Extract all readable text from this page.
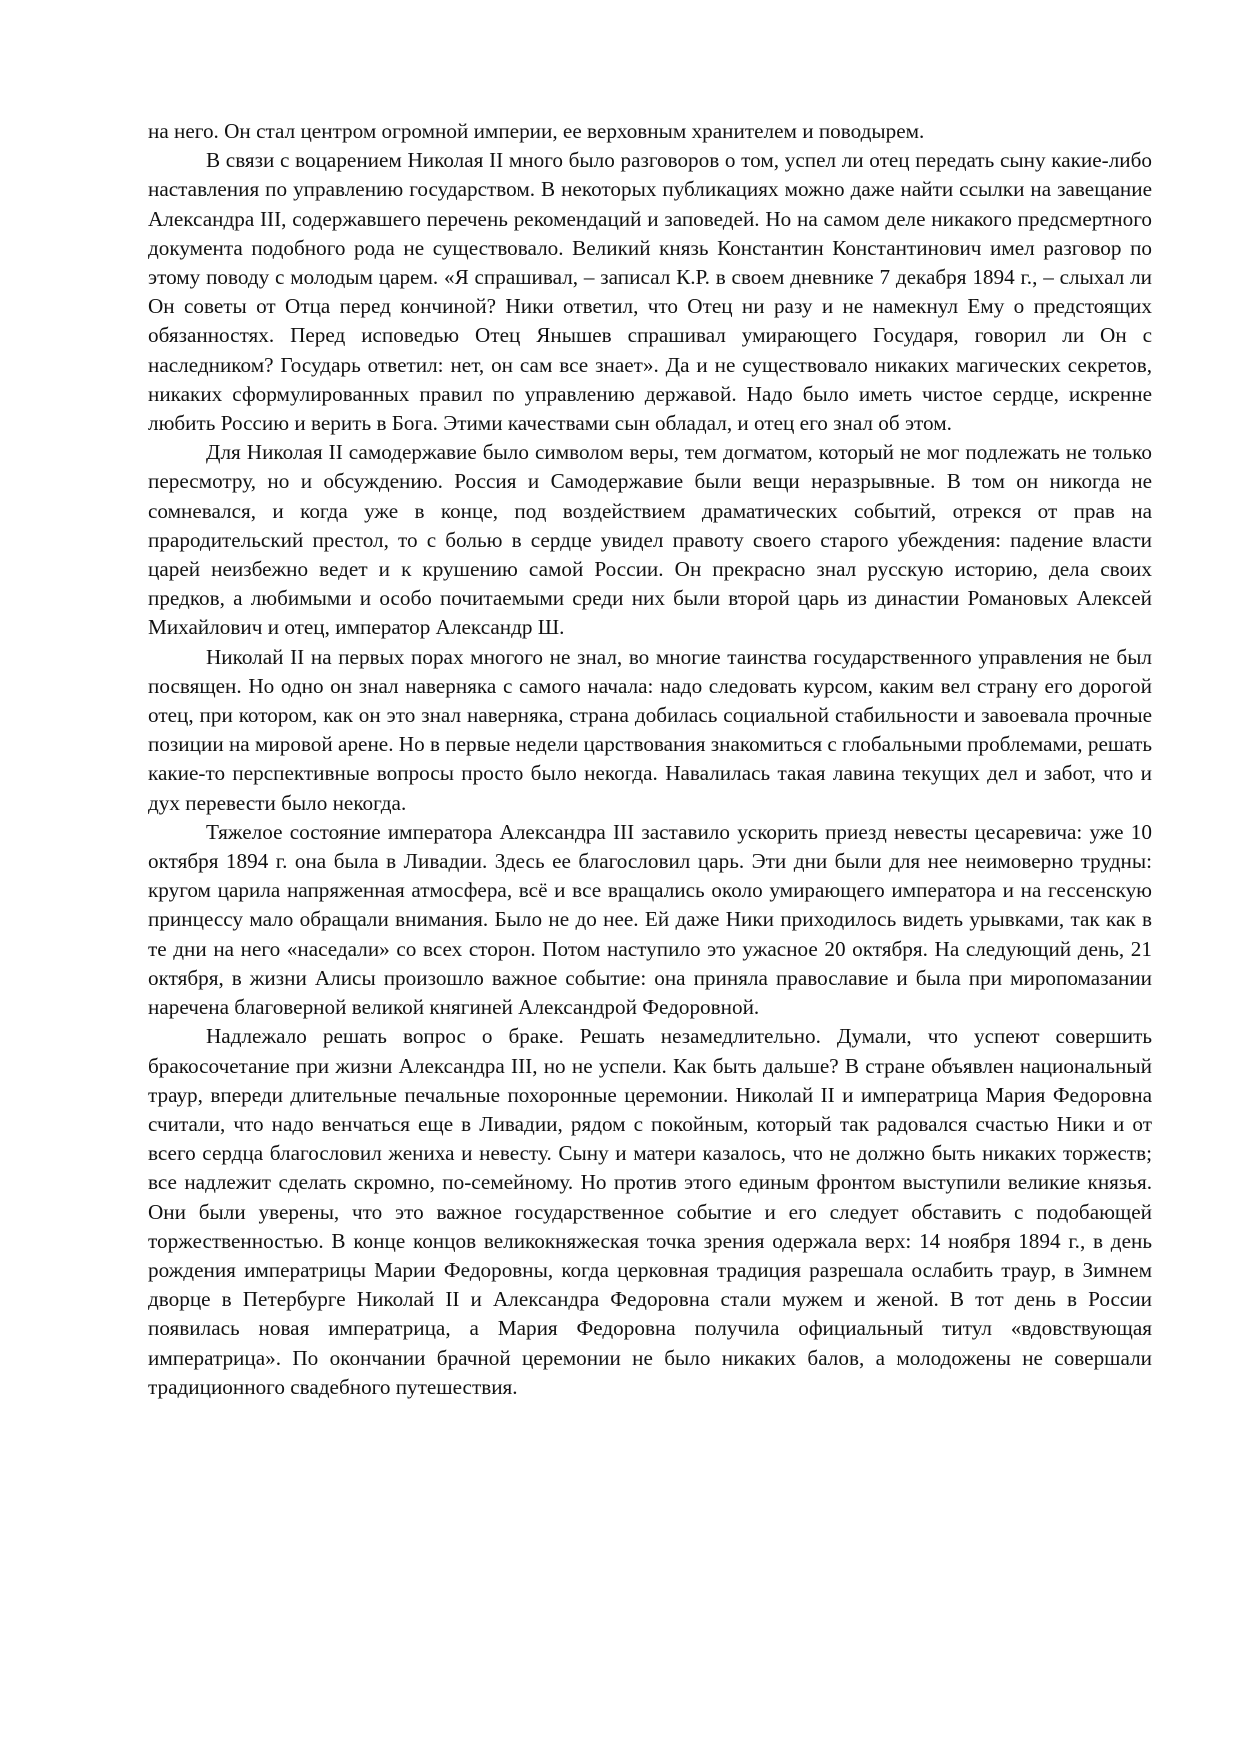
на него. Он стал центром огромной империи, ее верховным хранителем и поводырем.

В связи с воцарением Николая II много было разговоров о том, успел ли отец передать сыну какие-либо наставления по управлению государством. В некоторых публикациях можно даже найти ссылки на завещание Александра III, содержавшего перечень рекомендаций и заповедей. Но на самом деле никакого предсмертного документа подобного рода не существовало. Великий князь Константин Константинович имел разговор по этому поводу с молодым царем. «Я спрашивал, – записал К.Р. в своем дневнике 7 декабря 1894 г., – слыхал ли Он советы от Отца перед кончиной? Ники ответил, что Отец ни разу и не намекнул Ему о предстоящих обязанностях. Перед исповедью Отец Янышев спрашивал умирающего Государя, говорил ли Он с наследником? Государь ответил: нет, он сам все знает». Да и не существовало никаких магических секретов, никаких сформулированных правил по управлению державой. Надо было иметь чистое сердце, искренне любить Россию и верить в Бога. Этими качествами сын обладал, и отец его знал об этом.

Для Николая II самодержавие было символом веры, тем догматом, который не мог подлежать не только пересмотру, но и обсуждению. Россия и Самодержавие были вещи неразрывные. В том он никогда не сомневался, и когда уже в конце, под воздействием драматических событий, отрекся от прав на прародительский престол, то с болью в сердце увидел правоту своего старого убеждения: падение власти царей неизбежно ведет и к крушению самой России. Он прекрасно знал русскую историю, дела своих предков, а любимыми и особо почитаемыми среди них были второй царь из династии Романовых Алексей Михайлович и отец, император Александр Ш.

Николай II на первых порах многого не знал, во многие таинства государственного управления не был посвящен. Но одно он знал наверняка с самого начала: надо следовать курсом, каким вел страну его дорогой отец, при котором, как он это знал наверняка, страна добилась социальной стабильности и завоевала прочные позиции на мировой арене. Но в первые недели царствования знакомиться с глобальными проблемами, решать какие-то перспективные вопросы просто было некогда. Навалилась такая лавина текущих дел и забот, что и дух перевести было некогда.

Тяжелое состояние императора Александра III заставило ускорить приезд невесты цесаревича: уже 10 октября 1894 г. она была в Ливадии. Здесь ее благословил царь. Эти дни были для нее неимоверно трудны: кругом царила напряженная атмосфера, всё и все вращались около умирающего императора и на гессенскую принцессу мало обращали внимания. Было не до нее. Ей даже Ники приходилось видеть урывками, так как в те дни на него «наседали» со всех сторон. Потом наступило это ужасное 20 октября. На следующий день, 21 октября, в жизни Алисы произошло важное событие: она приняла православие и была при миропомазании наречена благоверной великой княгиней Александрой Федоровной.

Надлежало решать вопрос о браке. Решать незамедлительно. Думали, что успеют совершить бракосочетание при жизни Александра III, но не успели. Как быть дальше? В стране объявлен национальный траур, впереди длительные печальные похоронные церемонии. Николай II и императрица Мария Федоровна считали, что надо венчаться еще в Ливадии, рядом с покойным, который так радовался счастью Ники и от всего сердца благословил жениха и невесту. Сыну и матери казалось, что не должно быть никаких торжеств; все надлежит сделать скромно, по-семейному. Но против этого единым фронтом выступили великие князья. Они были уверены, что это важное государственное событие и его следует обставить с подобающей торжественностью. В конце концов великокняжеская точка зрения одержала верх: 14 ноября 1894 г., в день рождения императрицы Марии Федоровны, когда церковная традиция разрешала ослабить траур, в Зимнем дворце в Петербурге Николай II и Александра Федоровна стали мужем и женой. В тот день в России появилась новая императрица, а Мария Федоровна получила официальный титул «вдовствующая императрица». По окончании брачной церемонии не было никаких балов, а молодожены не совершали традиционного свадебного путешествия.
